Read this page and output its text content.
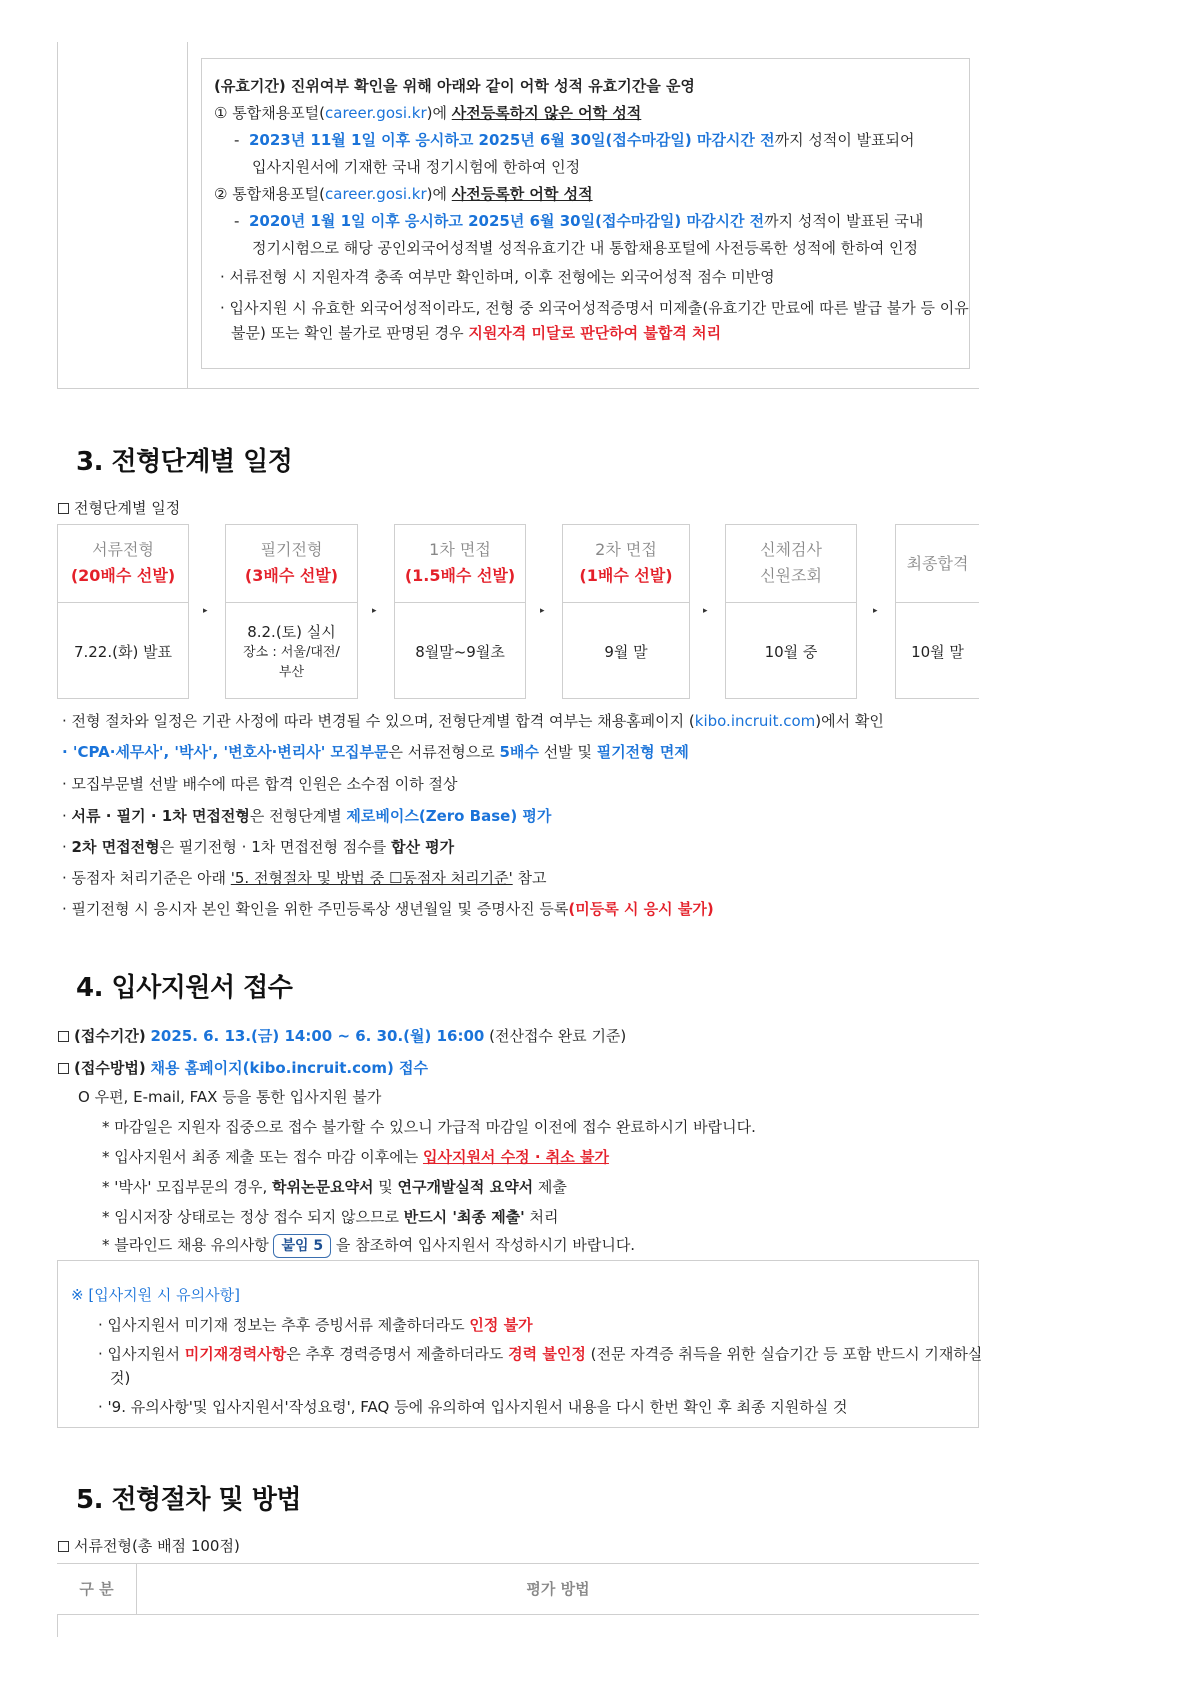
(유효기간) 진위여부 확인을 위해 아래와 같이 어학 성적 유효기간을 운영
① 통합채용포털(career.gosi.kr)에 사전등록하지 않은 어학 성적
- 2023년 11월 1일 이후 응시하고 2025년 6월 30일(접수마감일) 마감시간 전까지 성적이 발표되어
입사지원서에 기재한 국내 정기시험에 한하여 인정
② 통합채용포털(career.gosi.kr)에 사전등록한 어학 성적
- 2020년 1월 1일 이후 응시하고 2025년 6월 30일(접수마감일) 마감시간 전까지 성적이 발표된 국내
정기시험으로 해당 공인외국어성적별 성적유효기간 내 통합채용포털에 사전등록한 성적에 한하여 인정
· 서류전형 시 지원자격 충족 여부만 확인하며, 이후 전형에는 외국어성적 점수 미반영
· 입사지원 시 유효한 외국어성적이라도, 전형 중 외국어성적증명서 미제출(유효기간 만료에 따른 발급 불가 등 이유
불문) 또는 확인 불가로 판명된 경우 지원자격 미달로 판단하여 불합격 처리
3. 전형단계별 일정
전형단계별 일정
서류전형
(20배수 선발)
7.22.(화) 발표
▸
필기전형
(3배수 선발)
8.2.(토) 실시
장소 : 서울/대전/
부산
▸
1차 면접
(1.5배수 선발)
8월말~9월초
▸
2차 면접
(1배수 선발)
9월 말
▸
신체검사
신원조회
10월 중
▸
최종합격
10월 말
· 전형 절차와 일정은 기관 사정에 따라 변경될 수 있으며, 전형단계별 합격 여부는 채용홈페이지 (kibo.incruit.com)에서 확인
· 'CPA·세무사', '박사', '변호사·변리사' 모집부문은 서류전형으로 5배수 선발 및 필기전형 면제
· 모집부문별 선발 배수에 따른 합격 인원은 소수점 이하 절상
· 서류 · 필기 · 1차 면접전형은 전형단계별 제로베이스(Zero Base) 평가
· 2차 면접전형은 필기전형 · 1차 면접전형 점수를 합산 평가
· 동점자 처리기준은 아래 '5. 전형절차 및 방법 중 ☐동점자 처리기준' 참고
· 필기전형 시 응시자 본인 확인을 위한 주민등록상 생년월일 및 증명사진 등록(미등록 시 응시 불가)
4. 입사지원서 접수
(접수기간) 2025. 6. 13.(금) 14:00 ~ 6. 30.(월) 16:00 (전산접수 완료 기준)
(접수방법) 채용 홈페이지(kibo.incruit.com) 접수
O 우편, E-mail, FAX 등을 통한 입사지원 불가
* 마감일은 지원자 집중으로 접수 불가할 수 있으니 가급적 마감일 이전에 접수 완료하시기 바랍니다.
* 입사지원서 최종 제출 또는 접수 마감 이후에는 입사지원서 수정 · 취소 불가
* '박사' 모집부문의 경우, 학위논문요약서 및 연구개발실적 요약서 제출
* 임시저장 상태로는 정상 접수 되지 않으므로 반드시 '최종 제출' 처리
* 블라인드 채용 유의사항 붙임 5 을 참조하여 입사지원서 작성하시기 바랍니다.
※ [입사지원 시 유의사항]
· 입사지원서 미기재 정보는 추후 증빙서류 제출하더라도 인정 불가
· 입사지원서 미기재경력사항은 추후 경력증명서 제출하더라도 경력 불인정 (전문 자격증 취득을 위한 실습기간 등 포함 반드시 기재하실
것)
· '9. 유의사항'및 입사지원서'작성요령', FAQ 등에 유의하여 입사지원서 내용을 다시 한번 확인 후 최종 지원하실 것
5. 전형절차 및 방법
서류전형(총 배점 100점)
구 분	평가 방법
